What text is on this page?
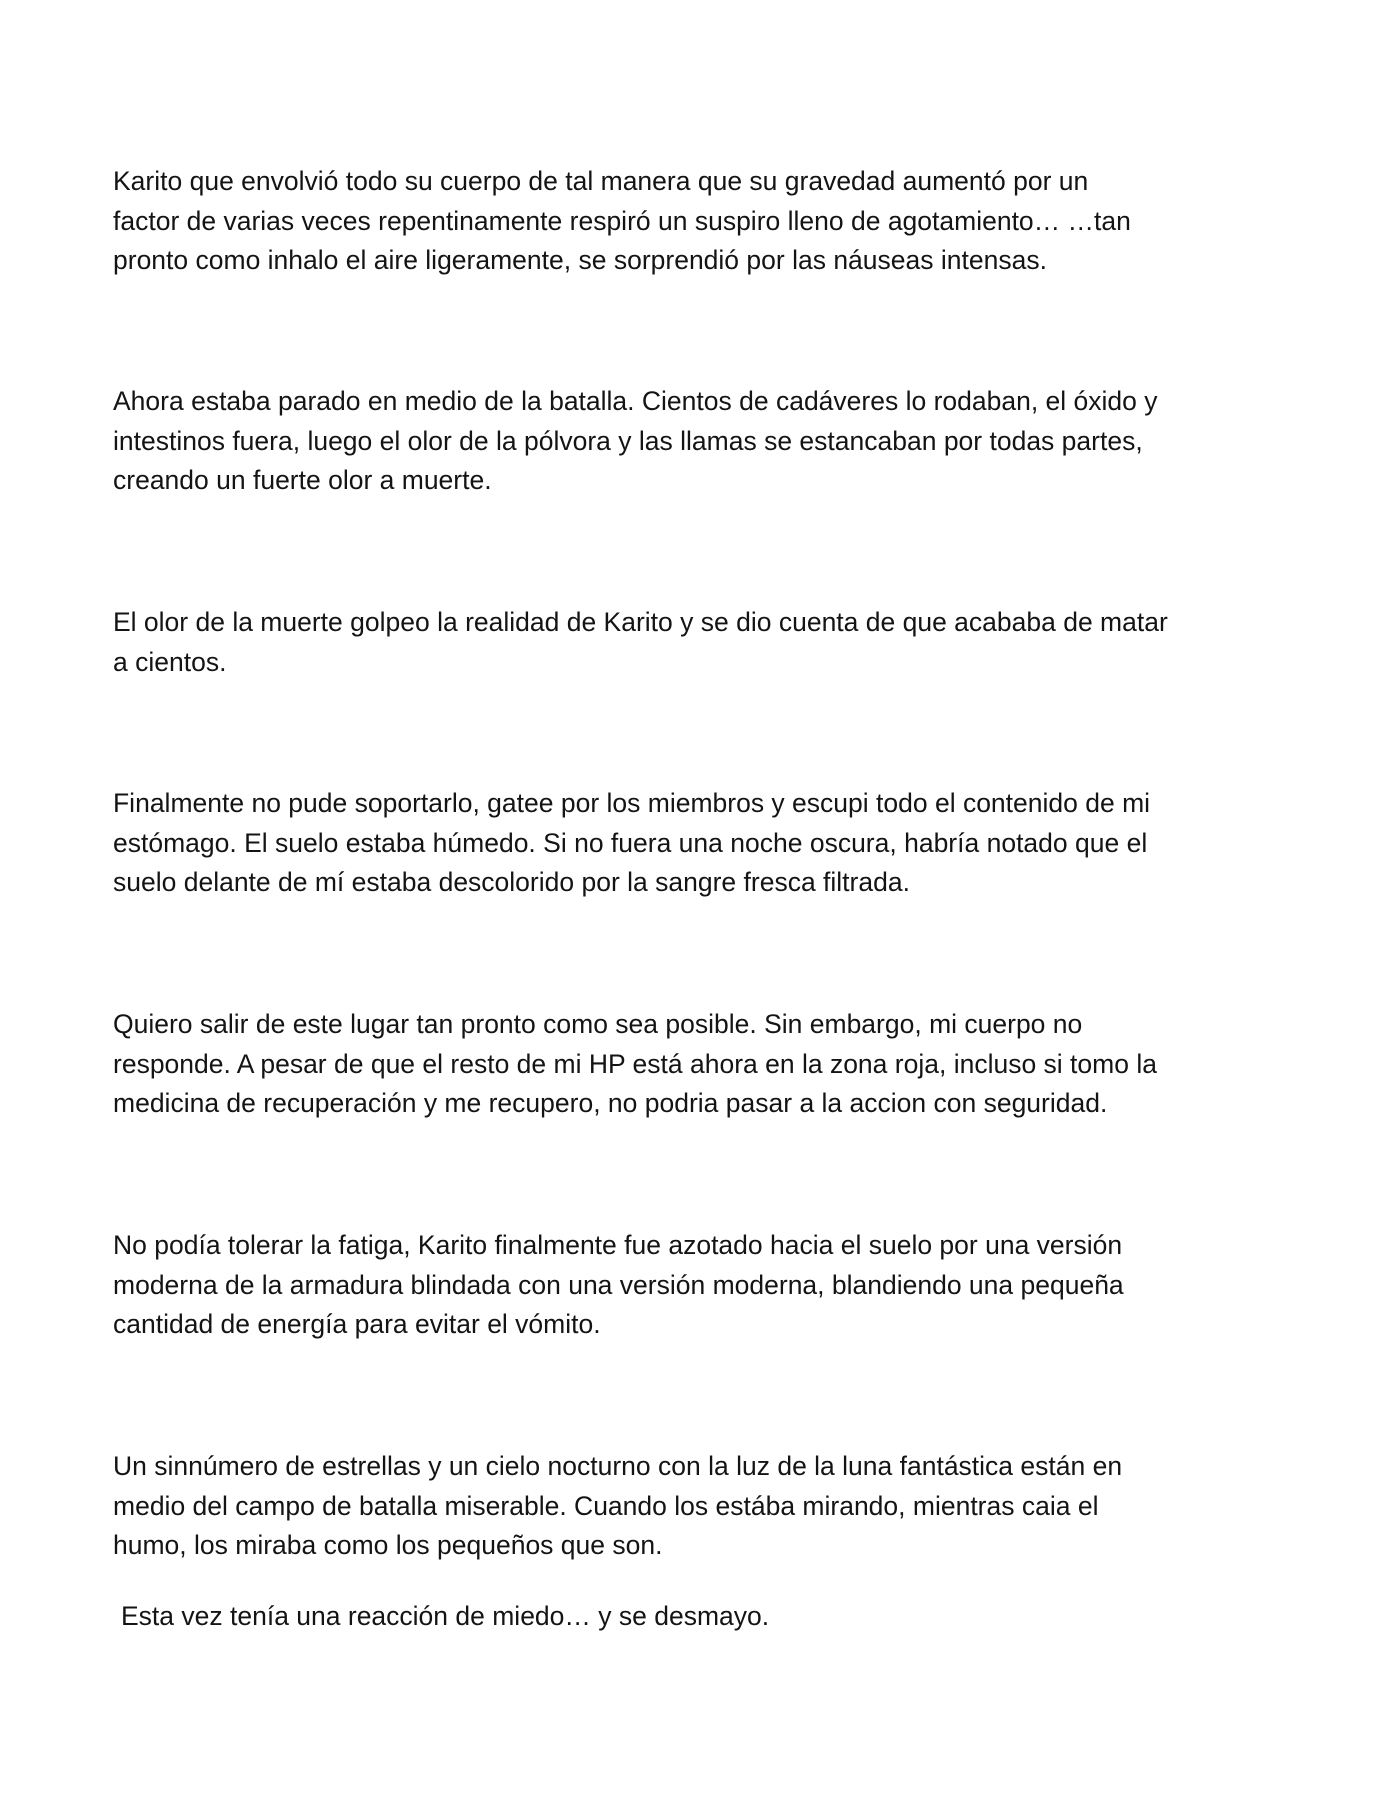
Karito que envolvió todo su cuerpo de tal manera que su gravedad aumentó por un
factor de varias veces repentinamente respiró un suspiro lleno de agotamiento… …tan
pronto como inhalo el aire ligeramente, se sorprendió por las náuseas intensas.

Ahora estaba parado en medio de la batalla. Cientos de cadáveres lo rodaban, el óxido y
intestinos fuera, luego el olor de la pólvora y las llamas se estancaban por todas partes,
creando un fuerte olor a muerte.

El olor de la muerte golpeo la realidad de Karito y se dio cuenta de que acababa de matar
a cientos.

Finalmente no pude soportarlo, gatee por los miembros y escupi todo el contenido de mi
estómago. El suelo estaba húmedo. Si no fuera una noche oscura, habría notado que el
suelo delante de mí estaba descolorido por la sangre fresca filtrada.

Quiero salir de este lugar tan pronto como sea posible. Sin embargo, mi cuerpo no
responde. A pesar de que el resto de mi HP está ahora en la zona roja, incluso si tomo la
medicina de recuperación y me recupero, no podria pasar a la accion con seguridad.

No podía tolerar la fatiga, Karito finalmente fue azotado hacia el suelo por una versión
moderna de la armadura blindada con una versión moderna, blandiendo una pequeña
cantidad de energía para evitar el vómito.

Un sinnúmero de estrellas y un cielo nocturno con la luz de la luna fantástica están en
medio del campo de batalla miserable. Cuando los estába mirando, mientras caia el
humo, los miraba como los pequeños que son.

Esta vez tenía una reacción de miedo… y se desmayo.
